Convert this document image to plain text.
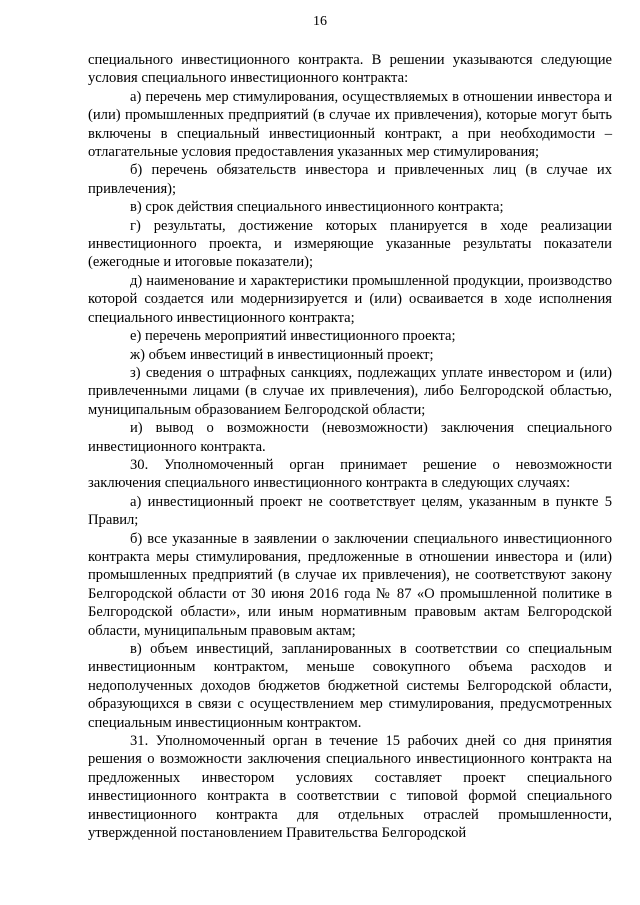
16

специального инвестиционного контракта. В решении указываются следующие условия специального инвестиционного контракта:

а) перечень мер стимулирования, осуществляемых в отношении инвестора и (или) промышленных предприятий (в случае их привлечения), которые могут быть включены в специальный инвестиционный контракт, а при необходимости – отлагательные условия предоставления указанных мер стимулирования;

б) перечень обязательств инвестора и привлеченных лиц (в случае их привлечения);

в) срок действия специального инвестиционного контракта;

г) результаты, достижение которых планируется в ходе реализации инвестиционного проекта, и измеряющие указанные результаты показатели (ежегодные и итоговые показатели);

д) наименование и характеристики промышленной продукции, производство которой создается или модернизируется и (или) осваивается в ходе исполнения специального инвестиционного контракта;

е) перечень мероприятий инвестиционного проекта;

ж) объем инвестиций в инвестиционный проект;

з) сведения о штрафных санкциях, подлежащих уплате инвестором и (или) привлеченными лицами (в случае их привлечения), либо Белгородской областью, муниципальным образованием Белгородской области;

и) вывод о возможности (невозможности) заключения специального инвестиционного контракта.

30. Уполномоченный орган принимает решение о невозможности заключения специального инвестиционного контракта в следующих случаях:

а) инвестиционный проект не соответствует целям, указанным в пункте 5 Правил;

б) все указанные в заявлении о заключении специального инвестиционного контракта меры стимулирования, предложенные в отношении инвестора и (или) промышленных предприятий (в случае их привлечения), не соответствуют закону Белгородской области от 30 июня 2016 года № 87 «О промышленной политике в Белгородской области», или иным нормативным правовым актам Белгородской области, муниципальным правовым актам;

в) объем инвестиций, запланированных в соответствии со специальным инвестиционным контрактом, меньше совокупного объема расходов и недополученных доходов бюджетов бюджетной системы Белгородской области, образующихся в связи с осуществлением мер стимулирования, предусмотренных специальным инвестиционным контрактом.

31. Уполномоченный орган в течение 15 рабочих дней со дня принятия решения о возможности заключения специального инвестиционного контракта на предложенных инвестором условиях составляет проект специального инвестиционного контракта в соответствии с типовой формой специального инвестиционного контракта для отдельных отраслей промышленности, утвержденной постановлением Правительства Белгородской
